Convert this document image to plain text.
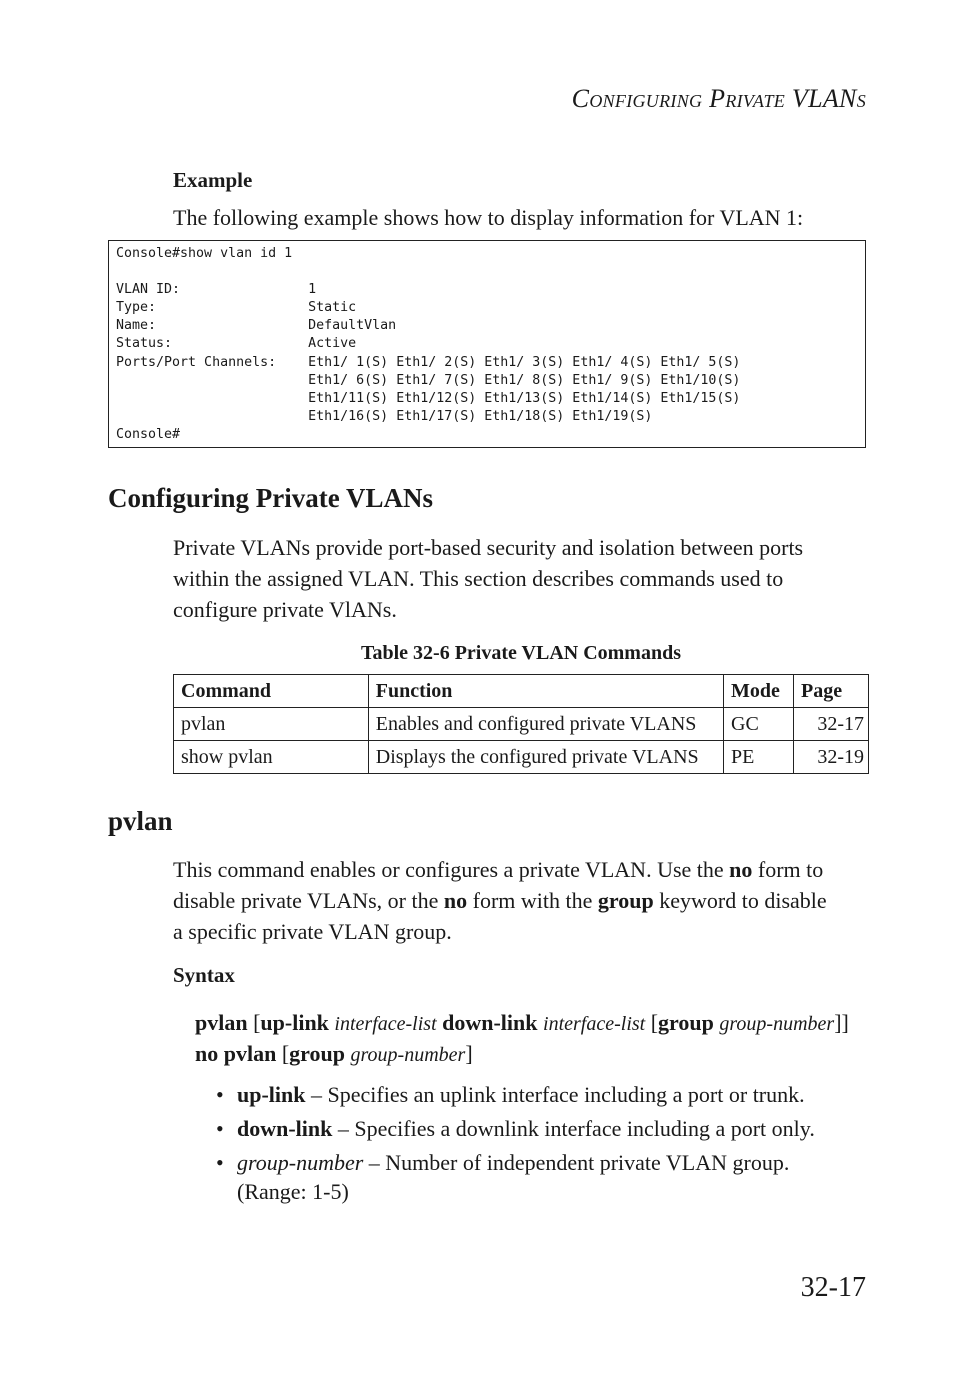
Configuring Private VLANs
Example
The following example shows how to display information for VLAN 1:
Console#show vlan id 1

VLAN ID:                1
Type:                   Static
Name:                   DefaultVlan
Status:                 Active
Ports/Port Channels:    Eth1/ 1(S) Eth1/ 2(S) Eth1/ 3(S) Eth1/ 4(S) Eth1/ 5(S)
Eth1/ 6(S) Eth1/ 7(S) Eth1/ 8(S) Eth1/ 9(S) Eth1/10(S)
Eth1/11(S) Eth1/12(S) Eth1/13(S) Eth1/14(S) Eth1/15(S)
Eth1/16(S) Eth1/17(S) Eth1/18(S) Eth1/19(S)
Console#
Configuring Private VLANs
Private VLANs provide port-based security and isolation between ports
within the assigned VLAN. This section describes commands used to
configure private VlANs.
Table 32-6 Private VLAN Commands
Command	Function	Mode	Page
pvlan	Enables and configured private VLANS	GC	32-17
show pvlan	Displays the configured private VLANS	PE	32-19
pvlan
This command enables or configures a private VLAN. Use the no form to
disable private VLANs, or the no form with the group keyword to disable
a specific private VLAN group.
Syntax
pvlan [up-link interface-list down-link interface-list [group group-number]]
no pvlan [group group-number]
• up-link – Specifies an uplink interface including a port or trunk.
• down-link – Specifies a downlink interface including a port only.
• group-number – Number of independent private VLAN group.
(Range: 1-5)
32-17
